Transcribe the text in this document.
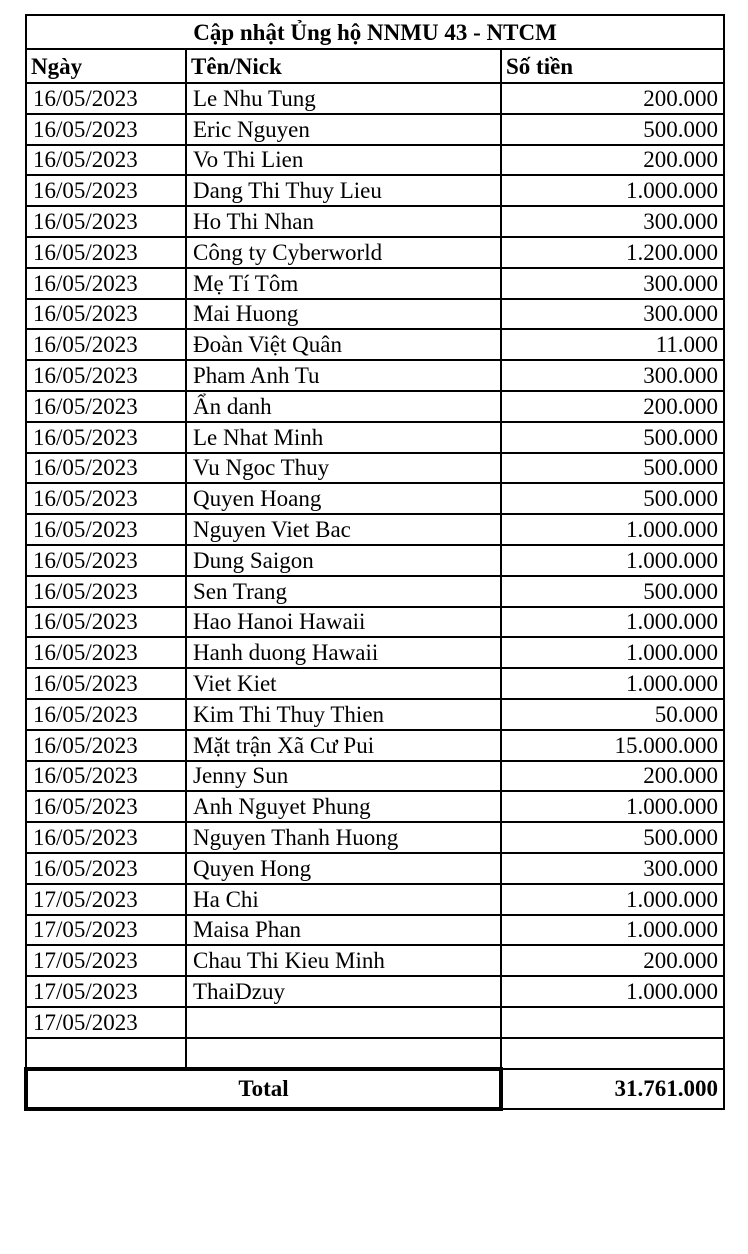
Cập nhật Ủng hộ NNMU 43 - NTCM		
Ngày	Tên/Nick	Số tiền
16/05/2023	Le Nhu Tung	200.000
16/05/2023	Eric Nguyen	500.000
16/05/2023	Vo Thi Lien	200.000
16/05/2023	Dang Thi Thuy Lieu	1.000.000
16/05/2023	Ho Thi Nhan	300.000
16/05/2023	Công ty Cyberworld	1.200.000
16/05/2023	Mẹ Tí Tôm	300.000
16/05/2023	Mai Huong	300.000
16/05/2023	Đoàn Việt Quân	11.000
16/05/2023	Pham Anh Tu	300.000
16/05/2023	Ẩn danh	200.000
16/05/2023	Le Nhat Minh	500.000
16/05/2023	Vu Ngoc Thuy	500.000
16/05/2023	Quyen Hoang	500.000
16/05/2023	Nguyen Viet Bac	1.000.000
16/05/2023	Dung Saigon	1.000.000
16/05/2023	Sen Trang	500.000
16/05/2023	Hao Hanoi Hawaii	1.000.000
16/05/2023	Hanh duong Hawaii	1.000.000
16/05/2023	Viet Kiet	1.000.000
16/05/2023	Kim Thi Thuy Thien	50.000
16/05/2023	Mặt trận Xã Cư Pui	15.000.000
16/05/2023	Jenny Sun	200.000
16/05/2023	Anh Nguyet Phung	1.000.000
16/05/2023	Nguyen Thanh Huong	500.000
16/05/2023	Quyen Hong	300.000
17/05/2023	Ha Chi	1.000.000
17/05/2023	Maisa Phan	1.000.000
17/05/2023	Chau Thi Kieu Minh	200.000
17/05/2023	ThaiDzuy	1.000.000
17/05/2023		

Total		31.761.000
